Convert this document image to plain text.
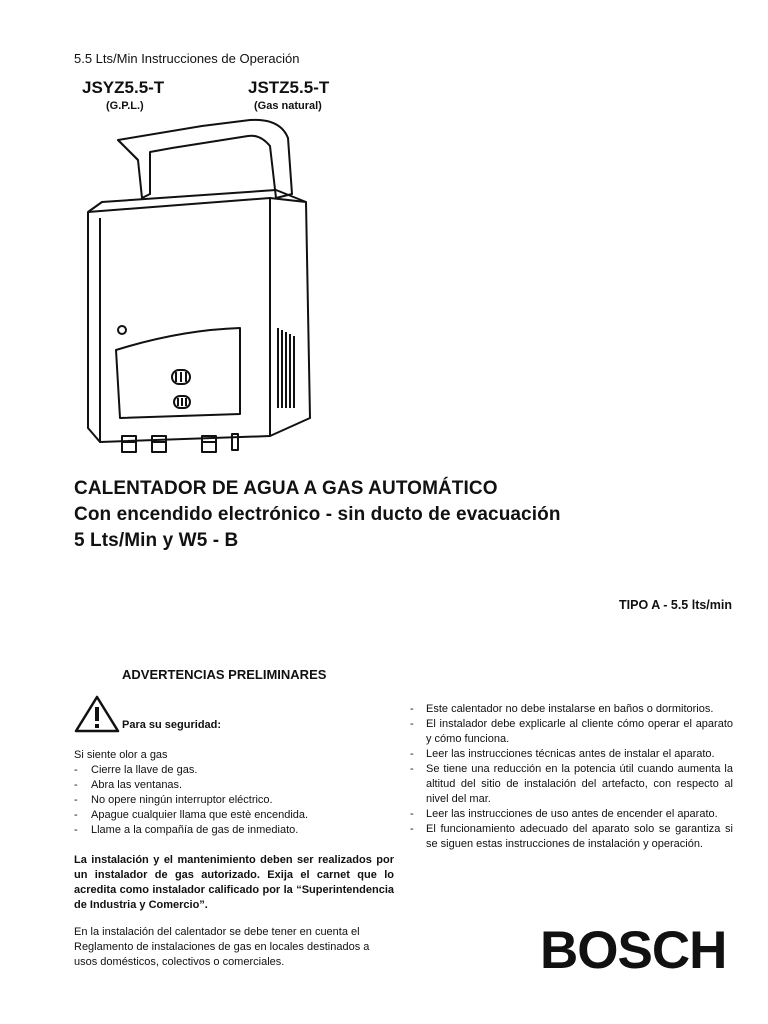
5.5 Lts/Min Instrucciones de Operación
JSYZ5.5-T
(G.P.L.)
JSTZ5.5-T
(Gas natural)
CALENTADOR DE AGUA A GAS AUTOMÁTICO
Con encendido electrónico - sin ducto de evacuación
5 Lts/Min y W5 - B
TIPO A - 5.5 lts/min
ADVERTENCIAS PRELIMINARES
Para su seguridad:
Si siente olor a gas
- Cierre la llave de gas.
- Abra las ventanas.
- No opere ningún interruptor eléctrico.
- Apague cualquier llama que estè encendida.
- Llame a la compañía de gas de inmediato.
La instalación y el mantenimiento deben ser realizados por un instalador de gas autorizado. Exija el carnet que lo acredita como instalador calificado por la “Superintendencia de Industria y Comercio”.
En la instalación del calentador se debe tener en cuenta el Reglamento de instalaciones de gas en locales destinados a usos domésticos, colectivos o comerciales.
- Este calentador no debe instalarse en baños o dormitorios.
- El instalador debe explicarle al cliente cómo operar el aparato y cómo funciona.
- Leer las instrucciones técnicas antes de instalar el aparato.
- Se tiene una reducción en la potencia útil cuando aumenta la altitud del sitio de instalación del artefacto, con respecto al nivel del mar.
- Leer las instrucciones de uso antes de encender el aparato.
- El funcionamiento adecuado del aparato solo se garantiza si se siguen estas instrucciones de instalación y operación.
BOSCH
